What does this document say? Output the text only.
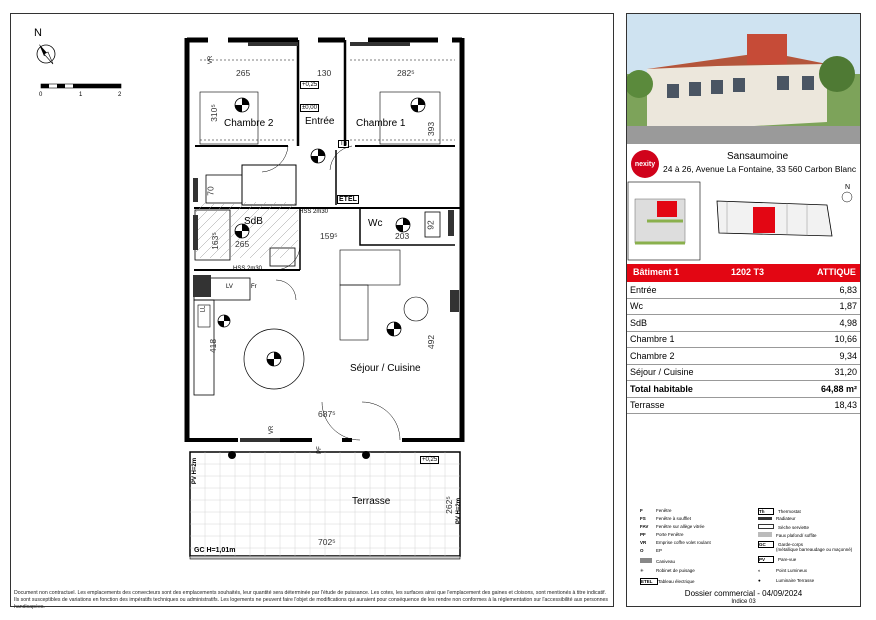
N
0	1	2
Chambre 2	Entrée Chambre 1
SdB	Wc
Séjour / Cuisine
Terrasse
265	130	282⁵
310⁵
393
70
265
163⁵	159⁵	203
92
418	492
687⁵
262⁵
702⁵
ETEL
Th
LV	Fr
LL
VR
VR
PF
HSS 2m30
HSS 2m30
+0,25
±0,00
+0,25
PV H=2m
PV H=2m
GC H=1,01m
nexity
Sansaumoine
24 à 26, Avenue La Fontaine, 33 560 Carbon Blanc
N
Bâtiment 1	1202 T3	ATTIQUE
Entrée	6,83
Wc	1,87
SdB	4,98
Chambre 1	10,66
Chambre 2	9,34
Séjour / Cuisine	31,20
Total habitable	64,88 m²
Terrasse	18,43
F	Fenêtre
FS Fenêtre à soufflet
FAV Fenêtre sur allège vitrée
PF Porte Fenêtre
VR Emprise coffre volet roulant
O	EP
Caniveau
✳	Robinet de puisage
ETEL Tableau électrique
Th	Thermostat
Radiateur
Sèche serviette
Faux plafond/ soffite
GC	Garde-corps
(métallique barreaudage ou maçonné)
PV	Pare-vue
◐	Point Lumineux
●	Luminaire Terrasse
Document non contractuel. Les emplacements des convecteurs sont des emplacements souhaités, leur quantité sera déterminée par l'étude de puissance. Les cotes, les surfaces ainsi que l'emplacement des gaines et cloisons, sont mentionés à titre indicatif. Ils sont susceptibles de variations en fonction des impératifs techniques ou administratifs. Les logements ne peuvent faire l'objet de modifications qui auraient pour conséquence de les rendre non conformes à la réglementation sur l'accessibilité aux personnes handicapées.
Dossier commercial - 04/09/2024
Indice 03
